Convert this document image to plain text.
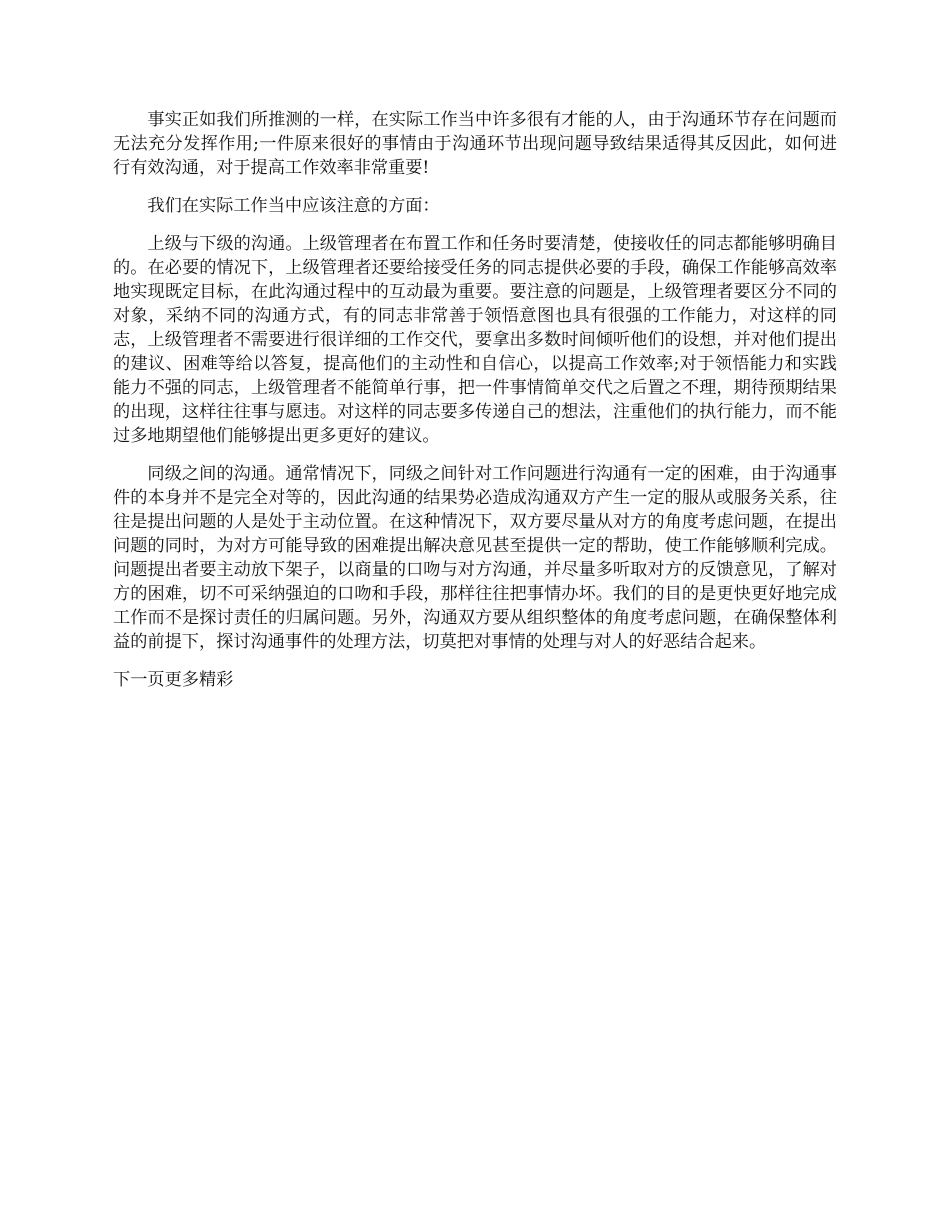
事实正如我们所推测的一样，在实际工作当中许多很有才能的人，由于沟通环节存在问题而无法充分发挥作用;一件原来很好的事情由于沟通环节出现问题导致结果适得其反因此，如何进行有效沟通，对于提高工作效率非常重要!

我们在实际工作当中应该注意的方面：

上级与下级的沟通。上级管理者在布置工作和任务时要清楚，使接收任的同志都能够明确目的。在必要的情况下，上级管理者还要给接受任务的同志提供必要的手段，确保工作能够高效率地实现既定目标，在此沟通过程中的互动最为重要。要注意的问题是，上级管理者要区分不同的对象，采纳不同的沟通方式，有的同志非常善于领悟意图也具有很强的工作能力，对这样的同志，上级管理者不需要进行很详细的工作交代，要拿出多数时间倾听他们的设想，并对他们提出的建议、困难等给以答复，提高他们的主动性和自信心，以提高工作效率;对于领悟能力和实践能力不强的同志，上级管理者不能简单行事，把一件事情简单交代之后置之不理，期待预期结果的出现，这样往往事与愿违。对这样的同志要多传递自己的想法，注重他们的执行能力，而不能过多地期望他们能够提出更多更好的建议。

同级之间的沟通。通常情况下，同级之间针对工作问题进行沟通有一定的困难，由于沟通事件的本身并不是完全对等的，因此沟通的结果势必造成沟通双方产生一定的服从或服务关系，往往是提出问题的人是处于主动位置。在这种情况下，双方要尽量从对方的角度考虑问题，在提出问题的同时，为对方可能导致的困难提出解决意见甚至提供一定的帮助，使工作能够顺利完成。问题提出者要主动放下架子，以商量的口吻与对方沟通，并尽量多听取对方的反馈意见，了解对方的困难，切不可采纳强迫的口吻和手段，那样往往把事情办坏。我们的目的是更快更好地完成工作而不是探讨责任的归属问题。另外，沟通双方要从组织整体的角度考虑问题，在确保整体利益的前提下，探讨沟通事件的处理方法，切莫把对事情的处理与对人的好恶结合起来。

下一页更多精彩
